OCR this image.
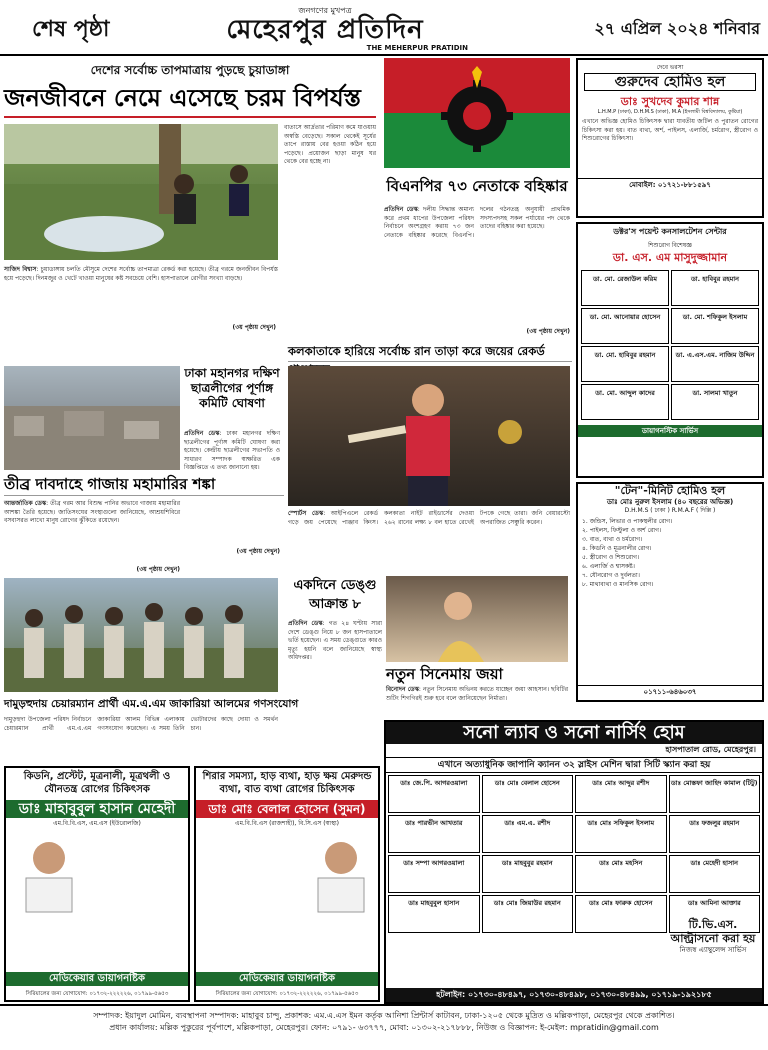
শেষ পৃষ্ঠা
জনগণের মুখপত্র
মেহেরপুর প্রতিদিন
THE MEHERPUR PRATIDIN
২৭ এপ্রিল ২০২৪ শনিবার
দেশের সর্বোচ্চ তাপমাত্রায় পুড়ছে চুয়াডাঙ্গা
জনজীবনে নেমে এসেছে চরম বিপর্যস্ত
বাতাসে আর্দ্রতার পরিমাণ কমে যাওয়ায় অস্বস্তি বেড়েছে। সকাল থেকেই সূর্যের তাপে রাস্তায় বের হওয়া কঠিন হয়ে পড়েছে। প্রয়োজন ছাড়া মানুষ ঘর থেকে বের হচ্ছে না।
সাজিদ বিশ্বাস: চুয়াডাঙ্গায় চলতি মৌসুমে দেশের সর্বোচ্চ তাপমাত্রা রেকর্ড করা হয়েছে। তীব্র গরমে জনজীবন বিপর্যস্ত হয়ে পড়েছে। দিনমজুর ও খেটে খাওয়া মানুষের কষ্ট সবচেয়ে বেশি। হাসপাতালে রোগীর সংখ্যা বাড়ছে।
(৩য় পৃষ্ঠায় দেখুন)
ঢাকা মহানগর দক্ষিণ ছাত্রলীগের পূর্ণাঙ্গ কমিটি ঘোষণা
প্রতিদিন ডেস্ক: ঢাকা মহানগর দক্ষিণ ছাত্রলীগের পূর্ণাঙ্গ কমিটি ঘোষণা করা হয়েছে। কেন্দ্রীয় ছাত্রলীগের সভাপতি ও সাধারণ সম্পাদক স্বাক্ষরিত এক বিজ্ঞপ্তিতে এ তথ্য জানানো হয়।
(৩য় পৃষ্ঠায় দেখুন)
তীব্র দাবদাহে গাজায় মহামারির শঙ্কা
আন্তর্জাতিক ডেস্ক: তীব্র গরম আর বিশুদ্ধ পানির অভাবে গাজায় মহামারির আশঙ্কা তৈরি হয়েছে। জাতিসংঘের সংস্থাগুলো জানিয়েছে, আশ্রয়শিবিরে বসবাসরত লাখো মানুষ রোগের ঝুঁকিতে রয়েছেন।
(৩য় পৃষ্ঠায় দেখুন)
দামুড়হুদায় চেয়ারম্যান প্রার্থী এম.এ.এম জাকারিয়া আলমের গণসংযোগ
দামুড়হুদা উপজেলা পরিষদ নির্বাচনে চেয়ারম্যান প্রার্থী এম.এ.এম জাকারিয়া আলম বিভিন্ন এলাকায় গণসংযোগ করেছেন। এ সময় তিনি ভোটারদের কাছে দোয়া ও সমর্থন চান।
বিএনপির ৭৩ নেতাকে বহিষ্কার
প্রতিদিন ডেস্ক: দলীয় সিদ্ধান্ত অমান্য করে প্রথম ধাপের উপজেলা পরিষদ নির্বাচনে অংশগ্রহণ করায় ৭৩ জন নেতাকে বহিষ্কার করেছে বিএনপি। দলের গঠনতন্ত্র অনুযায়ী প্রাথমিক সদস্যপদসহ সকল পর্যায়ের পদ থেকে তাদের বহিষ্কার করা হয়েছে।
(৩য় পৃষ্ঠায় দেখুন)
কলকাতাকে হারিয়ে সর্বোচ্চ রান তাড়া করে জয়ের রেকর্ড
স্পোর্টস ডেস্ক: আইপিএলে রেকর্ড গড়ে জয় পেয়েছে পাঞ্জাব কিংস। কলকাতা নাইট রাইডার্সের দেওয়া ২৬২ রানের লক্ষ্য ৮ বল হাতে রেখেই টপকে গেছে তারা। জনি বেয়ারস্টো অপরাজিত সেঞ্চুরি করেন।
একদিনে ডেঙ্গু আক্রান্ত ৮
প্রতিদিন ডেস্ক: গত ২৪ ঘণ্টায় সারা দেশে ডেঙ্গু নিয়ে ৮ জন হাসপাতালে ভর্তি হয়েছেন। এ সময় ডেঙ্গুতে কারও মৃত্যু হয়নি বলে জানিয়েছে স্বাস্থ্য অধিদপ্তর।
নতুন সিনেমায় জয়া
বিনোদন ডেস্ক: নতুন সিনেমায় অভিনয় করতে যাচ্ছেন জয়া আহসান। ছবিটির শুটিং শিগগিরই শুরু হবে বলে জানিয়েছেন নির্মাতা।
দেবে ভরসা
গুরুদেব হোমিও হল
ডাঃ সুখদেব কুমার শান্ন
L.H.M.P (ঢাকা), D.H.M.S (ঢাকা), M.A (ইসলামী বিশ্ববিদ্যালয়, কুষ্টিয়া)
এখানে অভিজ্ঞ হোমিও চিকিৎসক দ্বারা যাবতীয় জটিল ও পুরাতন রোগের চিকিৎসা করা হয়। বাত ব্যথা, অর্শ, পাইলস, এলার্জি, চর্মরোগ, স্ত্রীরোগ ও শিশুরোগের চিকিৎসা।
মোবাইল: ০১৭২১-৮৮১৫৯৭
ডক্টর'স পয়েন্ট কনসালটেশন সেন্টার
শিশুরোগ বিশেষজ্ঞ
ডা. এস. এম মাসুদুজ্জামান
ডা. মো. রেজাউল করিম	ডা. হাবিবুর রহমান
ডা. মো. আনোয়ার হোসেন	ডা. মো. শফিকুল ইসলাম
ডা. মো. হাবিবুর রহমান	ডা. এ.এস.এম. নাজিম উদ্দিন
ডা. মো. আব্দুল কাদের	ডা. সালমা খাতুন
ডায়াগনস্টিক সার্ভিস
"টেন"-মিনিট হোমিও হল
ডাঃ মোঃ নুরুল ইসলাম (৪০ বছরের অভিজ্ঞ)
D.H.M.S ( ঢাকা ) R.M.A.F ( দিল্লি )
১. জন্ডিস, লিভার ও পাকস্থলীর রোগ।
২. পাইলস, ফিস্টুলা ও অর্শ রোগ।
৩. বাত, ব্যথা ও চর্মরোগ।
৪. কিডনি ও মূত্রনালীর রোগ।
৫. স্ত্রীরোগ ও শিশুরোগ।
৬. এলার্জি ও শ্বাসকষ্ট।
৭. যৌনরোগ ও দুর্বলতা।
৮. মাথাব্যথা ও মানসিক রোগ।
০১৭১১-৬৪৬০৩৭
সনো ল্যাব ও সনো নার্সিং হোম
হাসপাতাল রোড, মেহেরপুর।
এখানে অত্যাধুনিক জাপানি ক্যানন ৩২ স্লাইস মেশিন দ্বারা সিটি স্ক্যান করা হয়
ডাঃ জে.পি. আগরওয়ালা	ডাঃ মোঃ বেলাল হোসেন	ডাঃ মোঃ আব্দুর রশীদ	ডাঃ মোস্তফা জাহিদ কামাল (টিটু)
ডাঃ পারভীন আখতার	ডাঃ এম.এ. রশীদ	ডাঃ মোঃ সফিকুল ইসলাম	ডাঃ ফজলুর রহমান
ডাঃ সম্পা আগরওয়ালা	ডাঃ মাহবুবুর রহমান	ডাঃ মোঃ মহসিন	ডাঃ মেহেদী হাসান
ডাঃ মাহবুবুল হাসান	ডাঃ মোঃ জিয়াউর রহমান	ডাঃ মোঃ ফারুক হোসেন	ডাঃ আমিনা আক্তার
টি.ভি.এস. আল্ট্রাসনো করা হয়
নিজস্ব এ্যাম্বুলেন্স সার্ভিস
হটলাইন: ০১৭৩০-৪৮৪৯৭, ০১৭৩০-৪৮৪৯৮, ০১৭৩০-৪৮৪৯৯, ০১৭১৯-১৯২১৮৫
কিডনি, প্রস্টেট, মূত্রনালী, মূত্রথলী ও যৌনতন্ত্র রোগের চিকিৎসক
ডাঃ মাহাবুবুল হাসান মেহেদী
এম.বি.বি.এস, এম.এস (ইউরোলজি)
মেডিকেয়ার ডায়াগনষ্টিক
সিরিয়ালের জন্য যোগাযোগ: ০১৭৩২-২২২২২৬, ০১৭৯৯-৫৬৫৩
শিরার সমস্যা, হাড় ব্যথা, হাড় ক্ষয় মেরুদন্ড ব্যথা, বাত ব্যথা রোগের চিকিৎসক
ডাঃ মোঃ বেলাল হোসেন (সুমন)
এম.বি.বি.এস (রাজশাহী), বি.সি.এস (স্বাস্থ্য)
মেডিকেয়ার ডায়াগনষ্টিক
সিরিয়ালের জন্য যোগাযোগ: ০১৭৩২-২২২২২৬, ০১৭৯৯-৫৬৫৩
সম্পাদক: ইয়াদুল মোমিন, ব্যবস্থাপনা সম্পাদক: মাহাবুব চান্দু, প্রকাশক: এম.এ.এস ইমন কর্তৃক আনিশা প্রিন্টার্স কাটাবন, ঢাকা-১২০৫ থেকে মুদ্রিত ও মল্লিকপাড়া, মেহেরপুর থেকে প্রকাশিত।
প্রধান কার্যালয়: মল্লিক পুকুরের পূর্বপাশে, মল্লিকপাড়া, মেহেরপুর। ফোন: ০৭৯১- ৬৩৭৭৭, মোবা: ০১৩০২-২১৭৮৮৮, নিউজ ও বিজ্ঞাপন: ই-মেইল: mpratidin@gmail.com
